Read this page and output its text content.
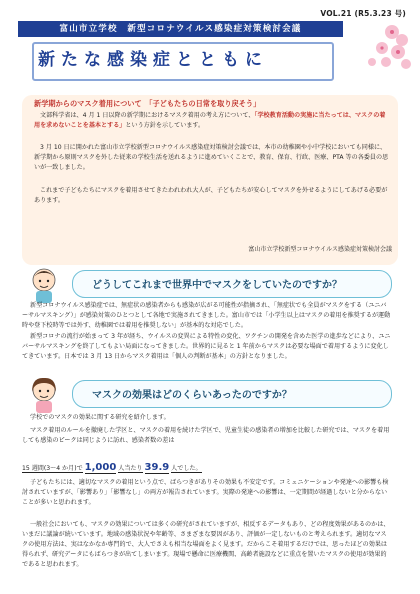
VOL.21 (R5.3.23 号)
富山市立学校　新型コロナウイルス感染症対策検討会議
新たな感染症とともに
新学期からのマスク着用について　「子どもたちの日常を取り戻そう」
文部科学省は、4 月 1 日以降の新学期におけるマスク着用の考え方について、「学校教育活動の実施に当たっては、マスクの着用を求めないことを基本とする」という方針を示しています。
3 月 10 日に開かれた富山市立学校新型コロナウイルス感染症対策検討会議では、本市の幼稚園や小中学校においても同様に、新学期から原則マスクを外した従来の学校生活を送れるように進めていくことで、教育、保育、行政、医療、PTA 等の各委員の思いが一致しました。
これまで子どもたちにマスクを着用させてきたわれわれ大人が、子どもたちが安心してマスクを外せるようにしてあげる必要があります。
富山市立学校新型コロナウイルス感染症対策検討会議
どうしてこれまで世界中でマスクをしていたのですか？
新型コロナウイルス感染症では、無症状の感染者からも感染が広がる可能性が指摘され、「無症状でも全員がマスクをする（ユニバーサルマスキング）」が感染対策のひとつとして各地で実施されてきました。富山市では「小学生以上はマスクの着用を推奨するが運動時や登下校時等では外す、幼稚園では着用を推奨しない」が基本的な対応でした。
新型コロナの流行が始まって 3 年が経ち、ウイルスの変異による特性の変化、ワクチンの開発を含めた医学の進歩などにより、ユニバーサルマスキングを終了してもよい局面になってきました。世界的に見ると 1 年前からマスクは必要な場面で着用するように変化してきています。日本では 3 月 13 日からマスク着用は「個人の判断が基本」の方針となりました。
マスクの効果はどのくらいあったのですか？
学校でのマスクの効果に関する研究を紹介します。
マスク着用のルールを撤廃した学区と、マスクの着用を続けた学区で、児童生徒の感染者の増加を比較した研究では、マスクを着用しても感染のピークは同じように訪れ、感染者数の差は
15 週間(3～4 か月)で 1,000 人当たり 39.9 人でした。
子どもたちには、適切なマスクの着用という点で、ばらつきがありその効果も不安定です。コミュニケーションや発達への影響も検討されていますが、「影響あり」「影響なし」の両方が報告されています。実際の発達への影響は、一定期間が経過しないと分からないことが多いと思われます。
一般社会においても、マスクの効果については多くの研究がされていますが、相反するデータもあり、どの程度効果があるのかは、いまだに議論が続いています。地域の感染状況や年齢等、さまざまな要因があり、評価が一定しないものと考えられます。適切なマスクの使用方法は、実はなかなか専門的で、大人でさえも相当な場面をよく見ます。だからこそ着用するだけでは、思ったほどの効果は得られず、研究データにもばらつきが出てしまいます。現場で懸命に医療機関、高齢者施設などに重点を置いたマスクの使用が効果的であると思われます。
